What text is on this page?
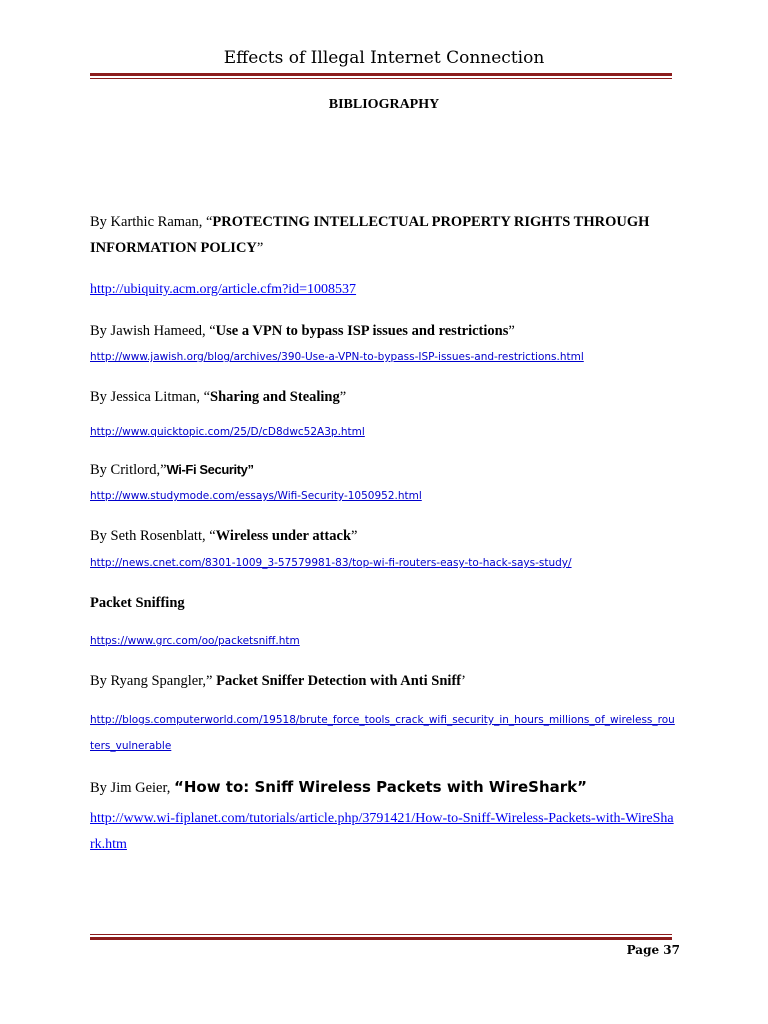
Effects of Illegal Internet Connection
BIBLIOGRAPHY
By Karthic Raman, “PROTECTING INTELLECTUAL PROPERTY RIGHTS THROUGH INFORMATION POLICY”
http://ubiquity.acm.org/article.cfm?id=1008537
By Jawish Hameed, “Use a VPN to bypass ISP issues and restrictions”
http://www.jawish.org/blog/archives/390-Use-a-VPN-to-bypass-ISP-issues-and-restrictions.html
By Jessica Litman, “Sharing and Stealing”
http://www.quicktopic.com/25/D/cD8dwc52A3p.html
By Critlord,”Wi-Fi Security”
http://www.studymode.com/essays/Wifi-Security-1050952.html
By Seth Rosenblatt, “Wireless under attack”
http://news.cnet.com/8301-1009_3-57579981-83/top-wi-fi-routers-easy-to-hack-says-study/
Packet Sniffing
https://www.grc.com/oo/packetsniff.htm
By Ryang Spangler,” Packet Sniffer Detection with Anti Sniff’
http://blogs.computerworld.com/19518/brute_force_tools_crack_wifi_security_in_hours_millions_of_wireless_routers_vulnerable
By Jim Geier, “How to: Sniff Wireless Packets with WireShark”
http://www.wi-fiplanet.com/tutorials/article.php/3791421/How-to-Sniff-Wireless-Packets-with-WireShark.htm
Page 37
